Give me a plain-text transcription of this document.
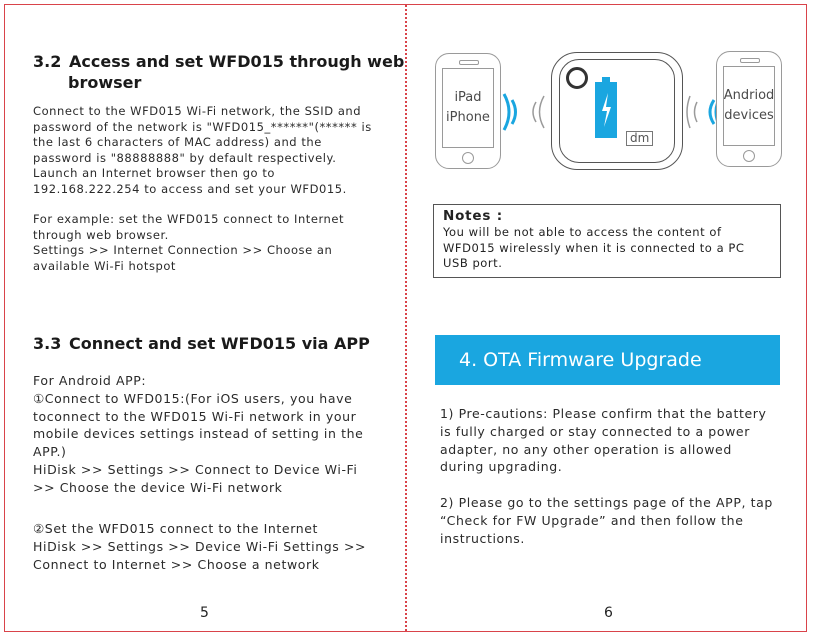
3.2 Access and set WFD015 through web
browser
Connect to the WFD015 Wi-Fi network, the SSID and
password of the network is "WFD015_******"(****** is
the last 6 characters of MAC address) and the
password is "88888888" by default respectively.
Launch an Internet browser then go to
192.168.222.254 to access and set your WFD015.
For example: set the WFD015 connect to Internet
through web browser.
Settings >> Internet Connection >> Choose an
available Wi-Fi hotspot
3.3 Connect and set WFD015 via APP
For Android APP:
①Connect to WFD015:(For iOS users, you have
toconnect to the WFD015 Wi-Fi network in your
mobile devices settings instead of setting in the
APP.)
HiDisk >> Settings >> Connect to Device Wi-Fi
>> Choose the device Wi-Fi network
②Set the WFD015 connect to the Internet
HiDisk >> Settings >> Device Wi-Fi Settings >>
Connect to Internet >> Choose a network
5
iPad
iPhone
dm
Andriod
devices
Notes :
You will be not able to access the content of
WFD015 wirelessly when it is connected to a PC
USB port.
4. OTA Firmware Upgrade
1) Pre-cautions: Please confirm that the battery
is fully charged or stay connected to a power
adapter, no any other operation is allowed
during upgrading.
2) Please go to the settings page of the APP, tap
“Check for FW Upgrade” and then follow the
instructions.
6
